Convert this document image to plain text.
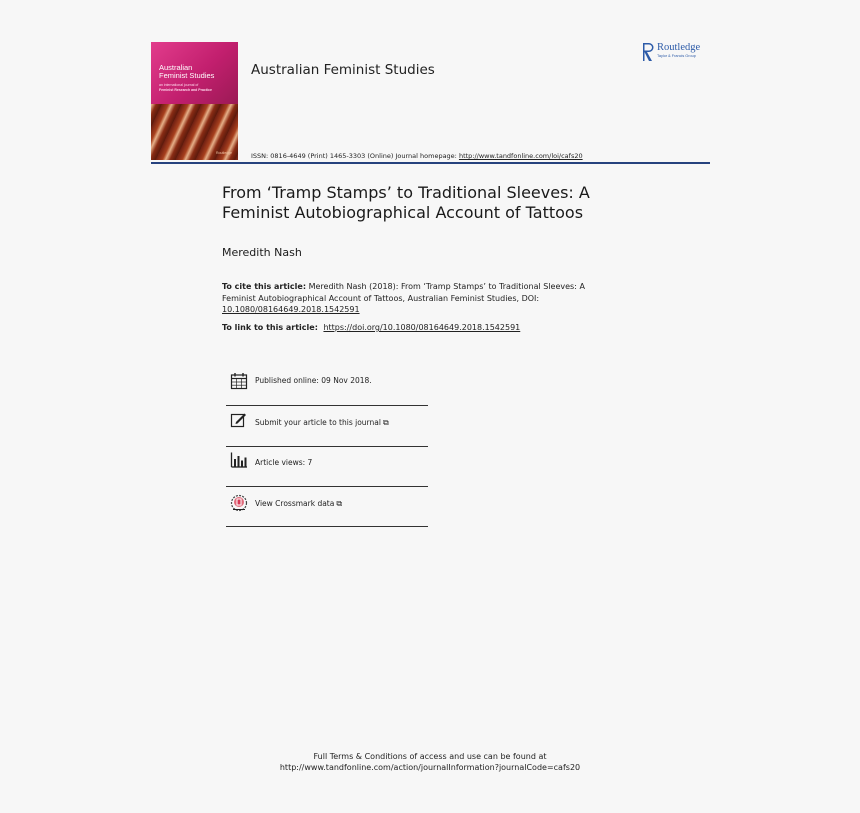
Australian
Feminist Studies
an international journal of
Feminist Research and Practice
Routledge
Australian Feminist Studies
Routledge
Taylor & Francis Group
ISSN: 0816-4649 (Print) 1465-3303 (Online) Journal homepage: http://www.tandfonline.com/loi/cafs20
From ‘Tramp Stamps’ to Traditional Sleeves: A Feminist Autobiographical Account of Tattoos
Meredith Nash
To cite this article: Meredith Nash (2018): From ‘Tramp Stamps’ to Traditional Sleeves: A Feminist Autobiographical Account of Tattoos, Australian Feminist Studies, DOI: 10.1080/08164649.2018.1542591
To link to this article: https://doi.org/10.1080/08164649.2018.1542591
Published online: 09 Nov 2018.
Submit your article to this journal ⧉
Article views: 7
View Crossmark data ⧉
Full Terms & Conditions of access and use can be found at
http://www.tandfonline.com/action/journalInformation?journalCode=cafs20
